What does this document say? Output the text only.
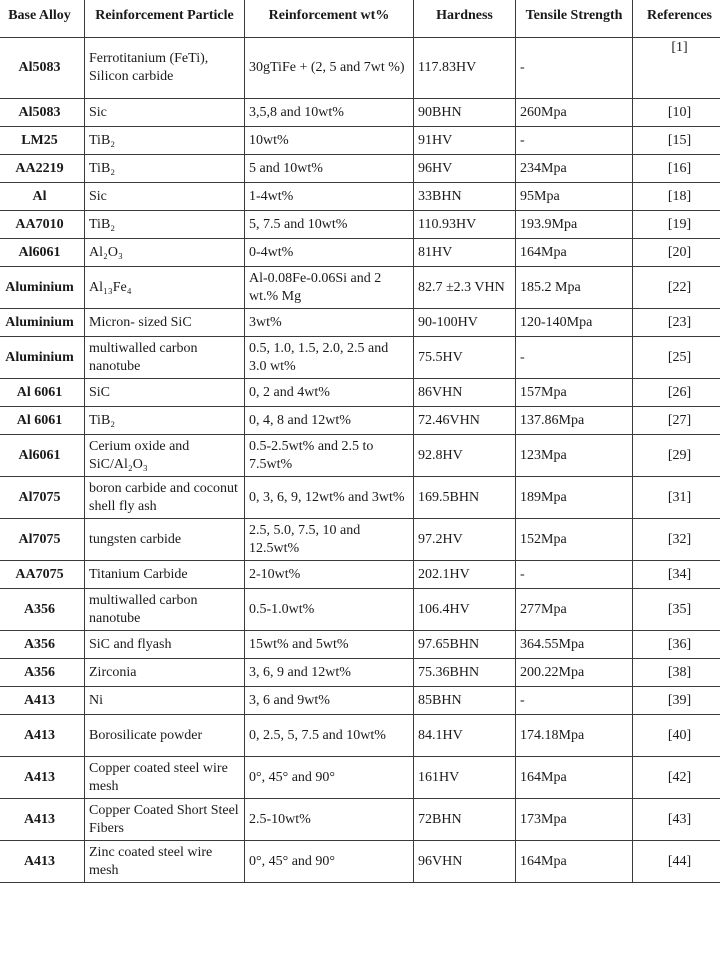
Base Alloy	Reinforcement Particle	Reinforcement wt%	Hardness	Tensile Strength	References
Al5083	Ferrotitanium (FeTi), Silicon carbide	30gTiFe + (2, 5 and 7wt %)	117.83HV	-	[1]
Al5083	Sic	3,5,8 and 10wt%	90BHN	260Mpa	[10]
LM25	TiB₂	10wt%	91HV	-	[15]
AA2219	TiB₂	5 and 10wt%	96HV	234Mpa	[16]
Al	Sic	1-4wt%	33BHN	95Mpa	[18]
AA7010	TiB₂	5, 7.5 and 10wt%	110.93HV	193.9Mpa	[19]
Al6061	Al₂O₃	0-4wt%	81HV	164Mpa	[20]
Aluminium	Al₁₃Fe₄	Al-0.08Fe-0.06Si and 2 wt.% Mg	82.7 ±2.3 VHN	185.2 Mpa	[22]
Aluminium	Micron- sized SiC	3wt%	90-100HV	120-140Mpa	[23]
Aluminium	multiwalled carbon nanotube	0.5, 1.0, 1.5, 2.0, 2.5 and 3.0 wt%	75.5HV	-	[25]
Al 6061	SiC	0, 2 and 4wt%	86VHN	157Mpa	[26]
Al 6061	TiB₂	0, 4, 8 and 12wt%	72.46VHN	137.86Mpa	[27]
Al6061	Cerium oxide and SiC/Al₂O₃	0.5-2.5wt% and 2.5 to 7.5wt%	92.8HV	123Mpa	[29]
Al7075	boron carbide and coconut shell fly ash	0, 3, 6, 9, 12wt% and 3wt%	169.5BHN	189Mpa	[31]
Al7075	tungsten carbide	2.5, 5.0, 7.5, 10 and 12.5wt%	97.2HV	152Mpa	[32]
AA7075	Titanium Carbide	2-10wt%	202.1HV	-	[34]
A356	multiwalled carbon nanotube	0.5-1.0wt%	106.4HV	277Mpa	[35]
A356	SiC and flyash	15wt% and 5wt%	97.65BHN	364.55Mpa	[36]
A356	Zirconia	3, 6, 9 and 12wt%	75.36BHN	200.22Mpa	[38]
A413	Ni	3, 6 and 9wt%	85BHN	-	[39]
A413	Borosilicate powder	0, 2.5, 5, 7.5 and 10wt%	84.1HV	174.18Mpa	[40]
A413	Copper coated steel wire mesh	0°, 45° and 90°	161HV	164Mpa	[42]
A413	Copper Coated Short Steel Fibers	2.5-10wt%	72BHN	173Mpa	[43]
A413	Zinc coated steel wire mesh	0°, 45° and 90°	96VHN	164Mpa	[44]
